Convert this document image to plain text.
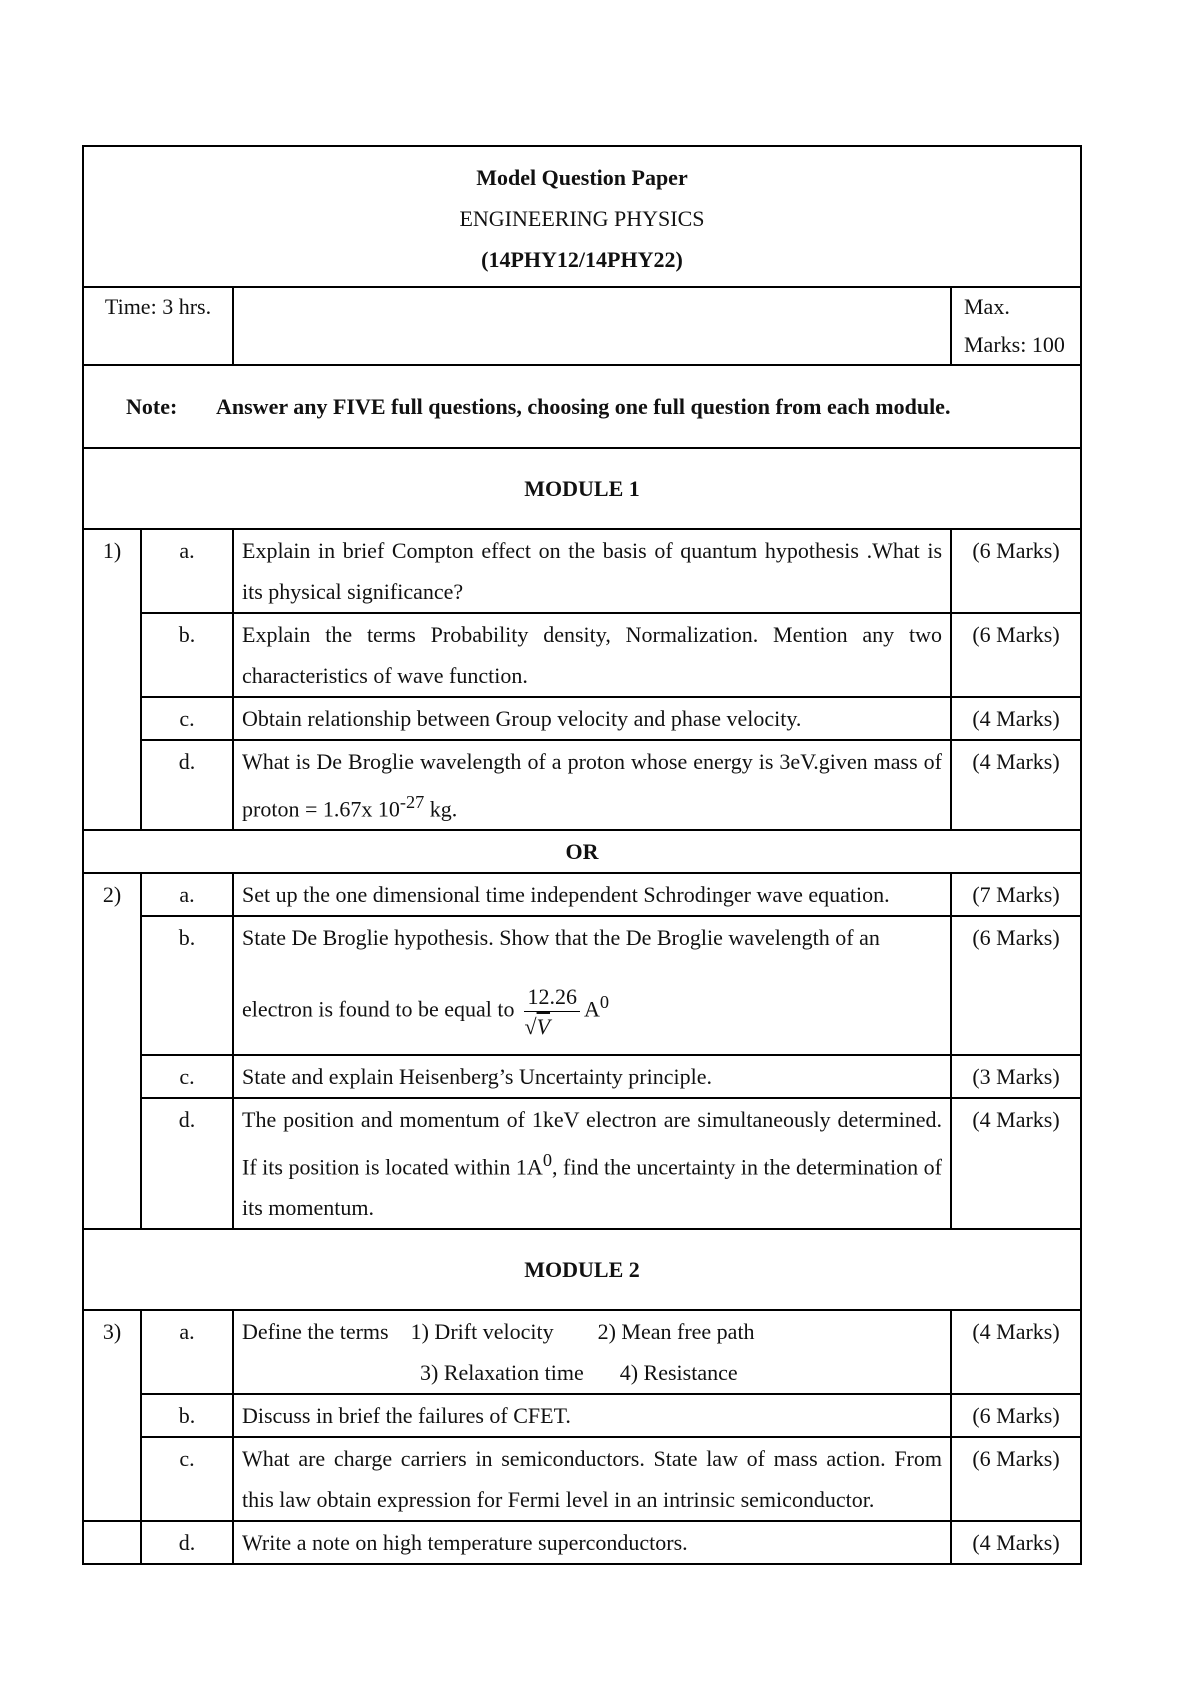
Model Question Paper
ENGINEERING PHYSICS
(14PHY12/14PHY22)			

Time: 3 hrs.			Max. Marks: 100
Note: Answer any FIVE full questions, choosing one full question from each module.			
MODULE 1			
1)	a.	Explain in brief Compton effect on the basis of quantum hypothesis .What is its physical significance?	(6 Marks)
	b.	Explain the terms Probability density, Normalization. Mention any two characteristics of wave function.	(6 Marks)
	c.	Obtain relationship between Group velocity and phase velocity.	(4 Marks)
	d.	What is De Broglie wavelength of a proton whose energy is 3eV.given mass of proton = 1.67x $10^{-27}$ kg.	(4 Marks)
OR			
2)	a.	Set up the one dimensional time independent Schrodinger wave equation.	(7 Marks)
	b.	State De Broglie hypothesis. Show that the De Broglie wavelength of an
electron is found to be equal to $\frac{12.26}{√V} A^0$	(6 Marks)
	c.	State and explain Heisenberg’s Uncertainty principle.	(3 Marks)
	d.	The position and momentum of 1keV electron are simultaneously determined. If its position is located within $1A^0$, find the uncertainty in the determination of its momentum.	(4 Marks)
MODULE 2			
3)	a.	Define the terms 1) Drift velocity 2) Mean free path
3) Relaxation time 4) Resistance	(4 Marks)
	b.	Discuss in brief the failures of CFET.	(6 Marks)
	c.	What are charge carriers in semiconductors. State law of mass action. From this law obtain expression for Fermi level in an intrinsic semiconductor.	(6 Marks)
	d.	Write a note on high temperature superconductors.	(4 Marks)
